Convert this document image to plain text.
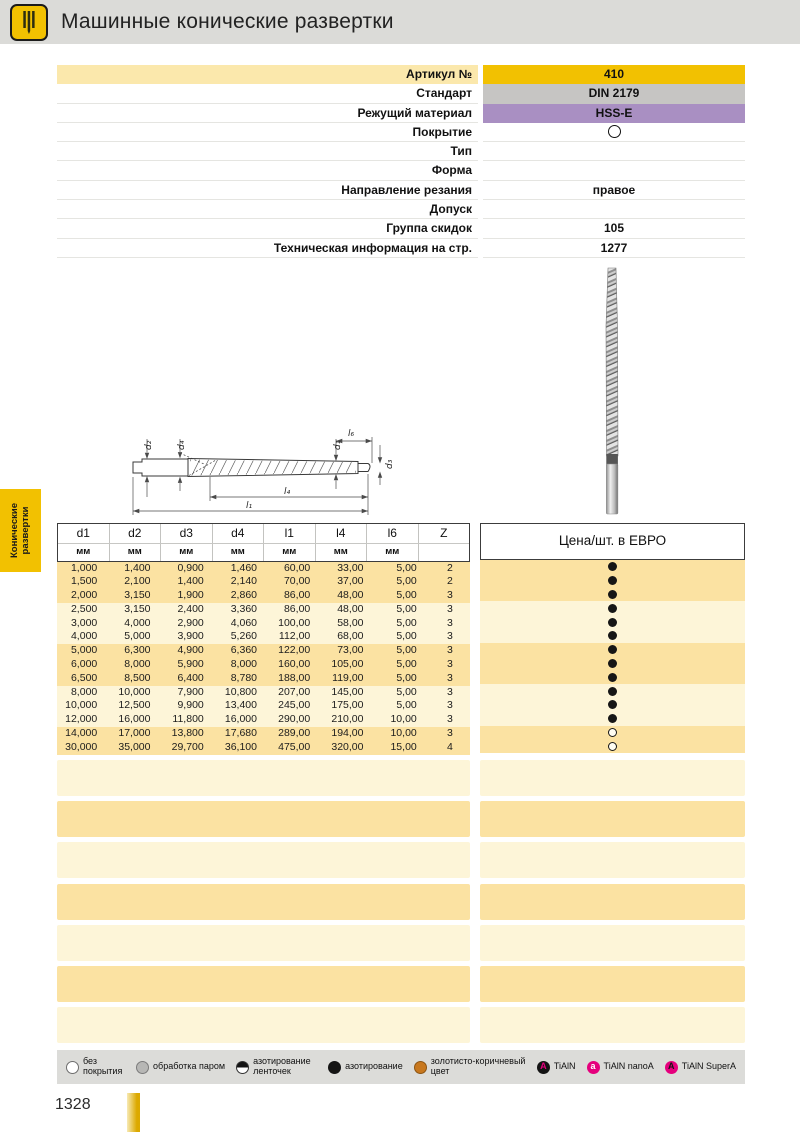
Машинные конические развертки
Артикул №	410
Стандарт	DIN 2179
Режущий материал	HSS-E
Покрытие
Тип
Форма
Направление резания	правое
Допуск
Группа скидок	105
Техническая информация на стр.	1277
d₂	d₄	d₁
l₆
d₃
l₄
l₁
Конические развертки	d1	d2	d3	d4	l1	l4	l6	Z
мм	мм	мм	мм	мм	мм	мм
1,000	1,400	0,900	1,460	60,00	33,00	5,00	2
1,500	2,100	1,400	2,140	70,00	37,00	5,00	2
2,000	3,150	1,900	2,860	86,00	48,00	5,00	3
2,500	3,150	2,400	3,360	86,00	48,00	5,00	3
3,000	4,000	2,900	4,060	100,00	58,00	5,00	3
4,000	5,000	3,900	5,260	112,00	68,00	5,00	3
5,000	6,300	4,900	6,360	122,00	73,00	5,00	3
6,000	8,000	5,900	8,000	160,00	105,00	5,00	3
6,500	8,500	6,400	8,780	188,00	119,00	5,00	3
8,000	10,000	7,900	10,800	207,00	145,00	5,00	3
10,000	12,500	9,900	13,400	245,00	175,00	5,00	3
12,000	16,000	11,800	16,000	290,00	210,00	10,00	3
14,000	17,000	13,800	17,680	289,00	194,00	10,00	3
30,000	35,000	29,700	36,100	475,00	320,00	15,00	4
Цена/шт. в ЕВРО
без покрытия	обработка паром	азотирование ленточек	азотирование	золотисто-коричневый цвет	A TiAlN	a TiAlN nanoA	A TiAlN SuperA
1328
